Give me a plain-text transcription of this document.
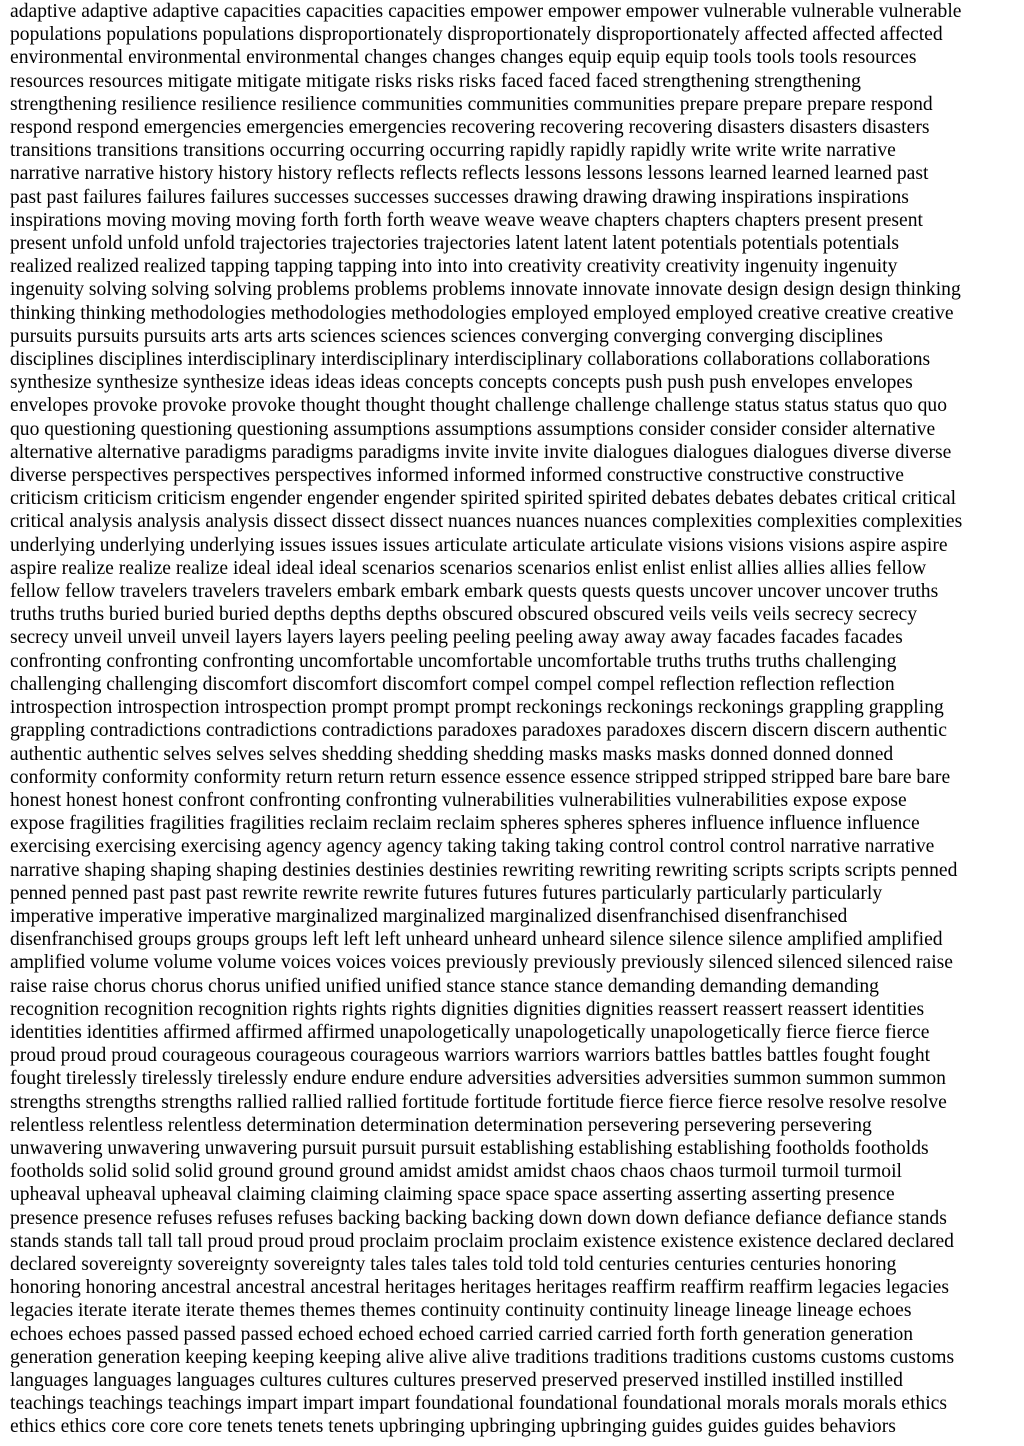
adaptive adaptive adaptive capacities capacities capacities empower empower empower vulnerable vulnerable vulnerable

populations populations populations disproportionately disproportionately disproportionately affected affected affected

environmental environmental environmental changes changes changes equip equip equip tools tools tools resources

resources resources mitigate mitigate mitigate risks risks risks faced faced faced strengthening strengthening

strengthening resilience resilience resilience communities communities communities prepare prepare prepare respond

respond respond emergencies emergencies emergencies recovering recovering recovering disasters disasters disasters

transitions transitions transitions occurring occurring occurring rapidly rapidly rapidly write write write narrative

narrative narrative history history history reflects reflects reflects lessons lessons lessons learned learned learned past

past past failures failures failures successes successes successes drawing drawing drawing inspirations inspirations

inspirations moving moving moving forth forth forth weave weave weave chapters chapters chapters present present

present unfold unfold unfold trajectories trajectories trajectories latent latent latent potentials potentials potentials

realized realized realized tapping tapping tapping into into into creativity creativity creativity ingenuity ingenuity

ingenuity solving solving solving problems problems problems innovate innovate innovate design design design thinking

thinking thinking methodologies methodologies methodologies employed employed employed creative creative creative

pursuits pursuits pursuits arts arts arts sciences sciences sciences converging converging converging disciplines

disciplines disciplines interdisciplinary interdisciplinary interdisciplinary collaborations collaborations collaborations

synthesize synthesize synthesize ideas ideas ideas concepts concepts concepts push push push envelopes envelopes

envelopes provoke provoke provoke thought thought thought challenge challenge challenge status status status quo quo

quo questioning questioning questioning assumptions assumptions assumptions consider consider consider alternative

alternative alternative paradigms paradigms paradigms invite invite invite dialogues dialogues dialogues diverse diverse

diverse perspectives perspectives perspectives informed informed informed constructive constructive constructive

criticism criticism criticism engender engender engender spirited spirited spirited debates debates debates critical critical

critical analysis analysis analysis dissect dissect dissect nuances nuances nuances complexities complexities complexities

underlying underlying underlying issues issues issues articulate articulate articulate visions visions visions aspire aspire

aspire realize realize realize ideal ideal ideal scenarios scenarios scenarios enlist enlist enlist allies allies allies fellow

fellow fellow travelers travelers travelers embark embark embark quests quests quests uncover uncover uncover truths

truths truths buried buried buried depths depths depths obscured obscured obscured veils veils veils secrecy secrecy

secrecy unveil unveil unveil layers layers layers peeling peeling peeling away away away facades facades facades

confronting confronting confronting uncomfortable uncomfortable uncomfortable truths truths truths challenging

challenging challenging discomfort discomfort discomfort compel compel compel reflection reflection reflection

introspection introspection introspection prompt prompt prompt reckonings reckonings reckonings grappling grappling

grappling contradictions contradictions contradictions paradoxes paradoxes paradoxes discern discern discern authentic

authentic authentic selves selves selves shedding shedding shedding masks masks masks donned donned donned

conformity conformity conformity return return return essence essence essence stripped stripped stripped bare bare bare

honest honest honest confront confronting confronting vulnerabilities vulnerabilities vulnerabilities expose expose

expose fragilities fragilities fragilities reclaim reclaim reclaim spheres spheres spheres influence influence influence

exercising exercising exercising agency agency agency taking taking taking control control control narrative narrative

narrative shaping shaping shaping destinies destinies destinies rewriting rewriting rewriting scripts scripts scripts penned

penned penned past past past rewrite rewrite rewrite futures futures futures particularly particularly particularly

imperative imperative imperative marginalized marginalized marginalized disenfranchised disenfranchised

disenfranchised groups groups groups left left left unheard unheard unheard silence silence silence amplified amplified

amplified volume volume volume voices voices voices previously previously previously silenced silenced silenced raise

raise raise chorus chorus chorus unified unified unified stance stance stance demanding demanding demanding

recognition recognition recognition rights rights rights dignities dignities dignities reassert reassert reassert identities

identities identities affirmed affirmed affirmed unapologetically unapologetically unapologetically fierce fierce fierce

proud proud proud courageous courageous courageous warriors warriors warriors battles battles battles fought fought

fought tirelessly tirelessly tirelessly endure endure endure adversities adversities adversities summon summon summon

strengths strengths strengths rallied rallied rallied fortitude fortitude fortitude fierce fierce fierce resolve resolve resolve

relentless relentless relentless determination determination determination persevering persevering persevering

unwavering unwavering unwavering pursuit pursuit pursuit establishing establishing establishing footholds footholds

footholds solid solid solid ground ground ground amidst amidst amidst chaos chaos chaos turmoil turmoil turmoil

upheaval upheaval upheaval claiming claiming claiming space space space asserting asserting asserting presence

presence presence refuses refuses refuses backing backing backing down down down defiance defiance defiance stands

stands stands tall tall tall proud proud proud proclaim proclaim proclaim existence existence existence declared declared

declared sovereignty sovereignty sovereignty tales tales tales told told told centuries centuries centuries honoring

honoring honoring ancestral ancestral ancestral heritages heritages heritages reaffirm reaffirm reaffirm legacies legacies

legacies iterate iterate iterate themes themes themes continuity continuity continuity lineage lineage lineage echoes

echoes echoes passed passed passed echoed echoed echoed carried carried carried forth forth generation generation

generation generation keeping keeping keeping alive alive alive traditions traditions traditions customs customs customs

languages languages languages cultures cultures cultures preserved preserved preserved instilled instilled instilled

teachings teachings teachings impart impart impart foundational foundational foundational morals morals morals ethics

ethics ethics core core core tenets tenets tenets upbringing upbringing upbringing guides guides guides behaviors
